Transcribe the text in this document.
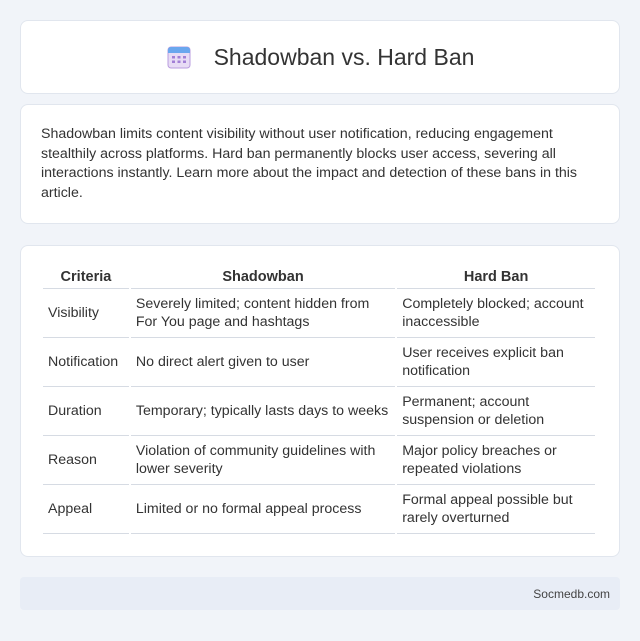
Shadowban vs. Hard Ban

Shadowban limits content visibility without user notification, reducing engagement stealthily across platforms. Hard ban permanently blocks user access, severing all interactions instantly. Learn more about the impact and detection of these bans in this article.

Criteria	Shadowban	Hard Ban
Visibility	Severely limited; content hidden from For You page and hashtags	Completely blocked; account inaccessible
Notification	No direct alert given to user	User receives explicit ban notification
Duration	Temporary; typically lasts days to weeks	Permanent; account suspension or deletion
Reason	Violation of community guidelines with lower severity	Major policy breaches or repeated violations
Appeal	Limited or no formal appeal process	Formal appeal possible but rarely overturned
Socmedb.com
